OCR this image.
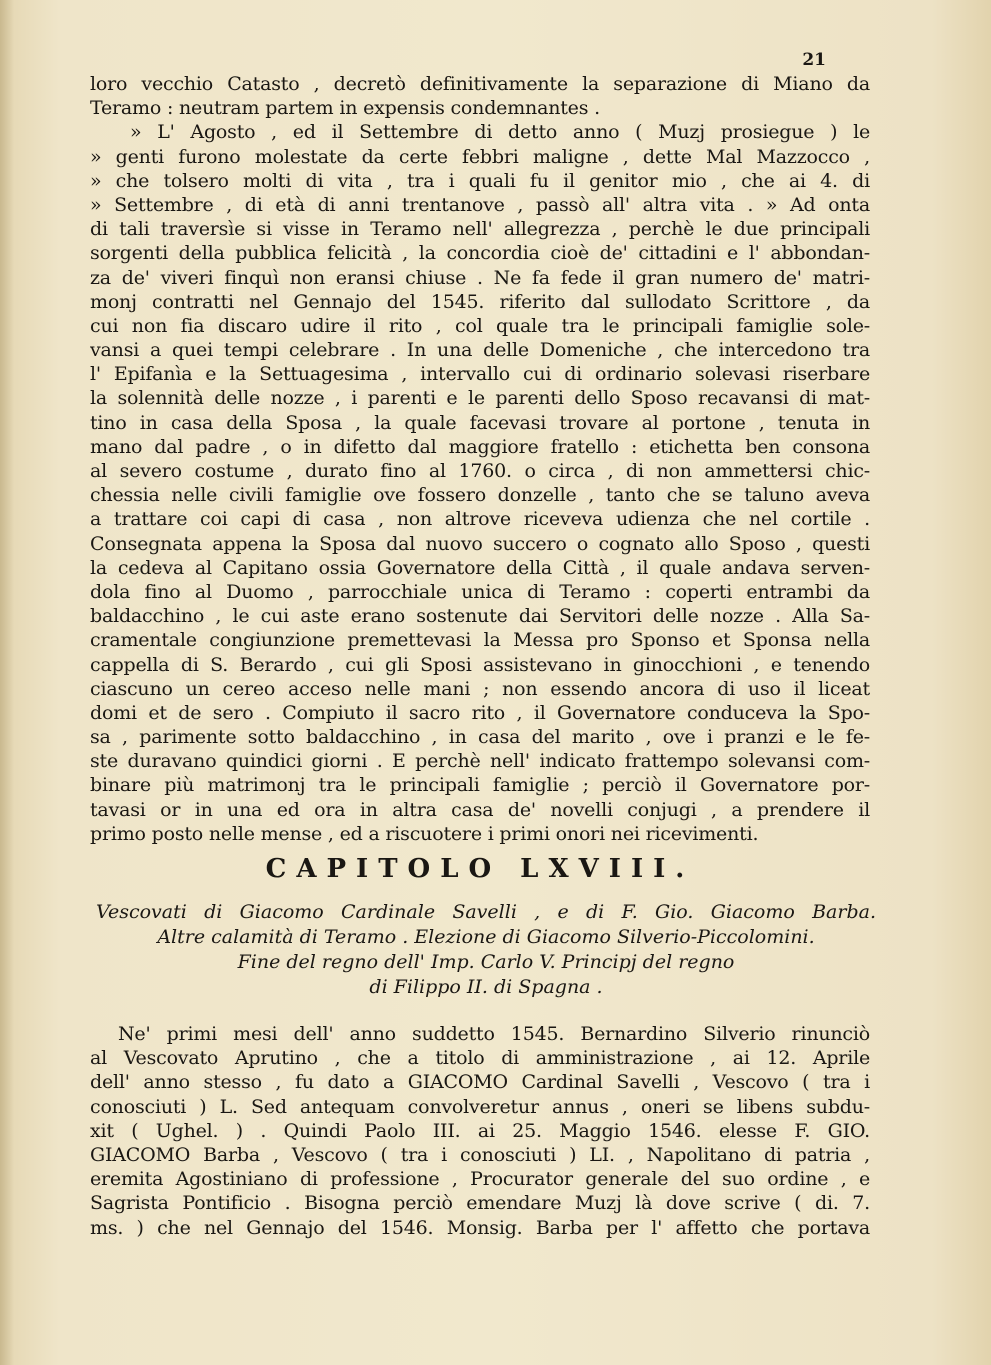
21
loro vecchio Catasto , decretò definitivamente la separazione di Miano da
Teramo : neutram partem in expensis condemnantes .
» L' Agosto , ed il Settembre di detto anno ( Muzj prosiegue ) le
» genti furono molestate da certe febbri maligne , dette Mal Mazzocco ,
» che tolsero molti di vita , tra i quali fu il genitor mio , che ai 4. di
» Settembre , di età di anni trentanove , passò all' altra vita . » Ad onta
di tali traversìe si visse in Teramo nell' allegrezza , perchè le due principali
sorgenti della pubblica felicità , la concordia cioè de' cittadini e l' abbondan-
za de' viveri finquì non eransi chiuse . Ne fa fede il gran numero de' matri-
monj contratti nel Gennajo del 1545. riferito dal sullodato Scrittore , da
cui non fia discaro udire il rito , col quale tra le principali famiglie sole-
vansi a quei tempi celebrare . In una delle Domeniche , che intercedono tra
l' Epifanìa e la Settuagesima , intervallo cui di ordinario solevasi riserbare
la solennità delle nozze , i parenti e le parenti dello Sposo recavansi di mat-
tino in casa della Sposa , la quale facevasi trovare al portone , tenuta in
mano dal padre , o in difetto dal maggiore fratello : etichetta ben consona
al severo costume , durato fino al 1760. o circa , di non ammettersi chic-
chessia nelle civili famiglie ove fossero donzelle , tanto che se taluno aveva
a trattare coi capi di casa , non altrove riceveva udienza che nel cortile .
Consegnata appena la Sposa dal nuovo succero o cognato allo Sposo , questi
la cedeva al Capitano ossia Governatore della Città , il quale andava serven-
dola fino al Duomo , parrocchiale unica di Teramo : coperti entrambi da
baldacchino , le cui aste erano sostenute dai Servitori delle nozze . Alla Sa-
cramentale congiunzione premettevasi la Messa pro Sponso et Sponsa nella
cappella di S. Berardo , cui gli Sposi assistevano in ginocchioni , e tenendo
ciascuno un cereo acceso nelle mani ; non essendo ancora di uso il liceat
domi et de sero . Compiuto il sacro rito , il Governatore conduceva la Spo-
sa , parimente sotto baldacchino , in casa del marito , ove i pranzi e le fe-
ste duravano quindici giorni . E perchè nell' indicato frattempo solevansi com-
binare più matrimonj tra le principali famiglie ; perciò il Governatore por-
tavasi or in una ed ora in altra casa de' novelli conjugi , a prendere il
primo posto nelle mense , ed a riscuotere i primi onori nei ricevimenti.
CAPITOLO LXVIII.
Vescovati di Giacomo Cardinale Savelli , e di F. Gio. Giacomo Barba.
Altre calamità di Teramo . Elezione di Giacomo Silverio-Piccolomini.
Fine del regno dell' Imp. Carlo V. Principj del regno
di Filippo II. di Spagna .
Ne' primi mesi dell' anno suddetto 1545. Bernardino Silverio rinunciò
al Vescovato Aprutino , che a titolo di amministrazione , ai 12. Aprile
dell' anno stesso , fu dato a GIACOMO Cardinal Savelli , Vescovo ( tra i
conosciuti ) L. Sed antequam convolveretur annus , oneri se libens subdu-
xit ( Ughel. ) . Quindi Paolo III. ai 25. Maggio 1546. elesse F. GIO.
GIACOMO Barba , Vescovo ( tra i conosciuti ) LI. , Napolitano di patria ,
eremita Agostiniano di professione , Procurator generale del suo ordine , e
Sagrista Pontificio . Bisogna perciò emendare Muzj là dove scrive ( di. 7.
ms. ) che nel Gennajo del 1546. Monsig. Barba per l' affetto che portava
